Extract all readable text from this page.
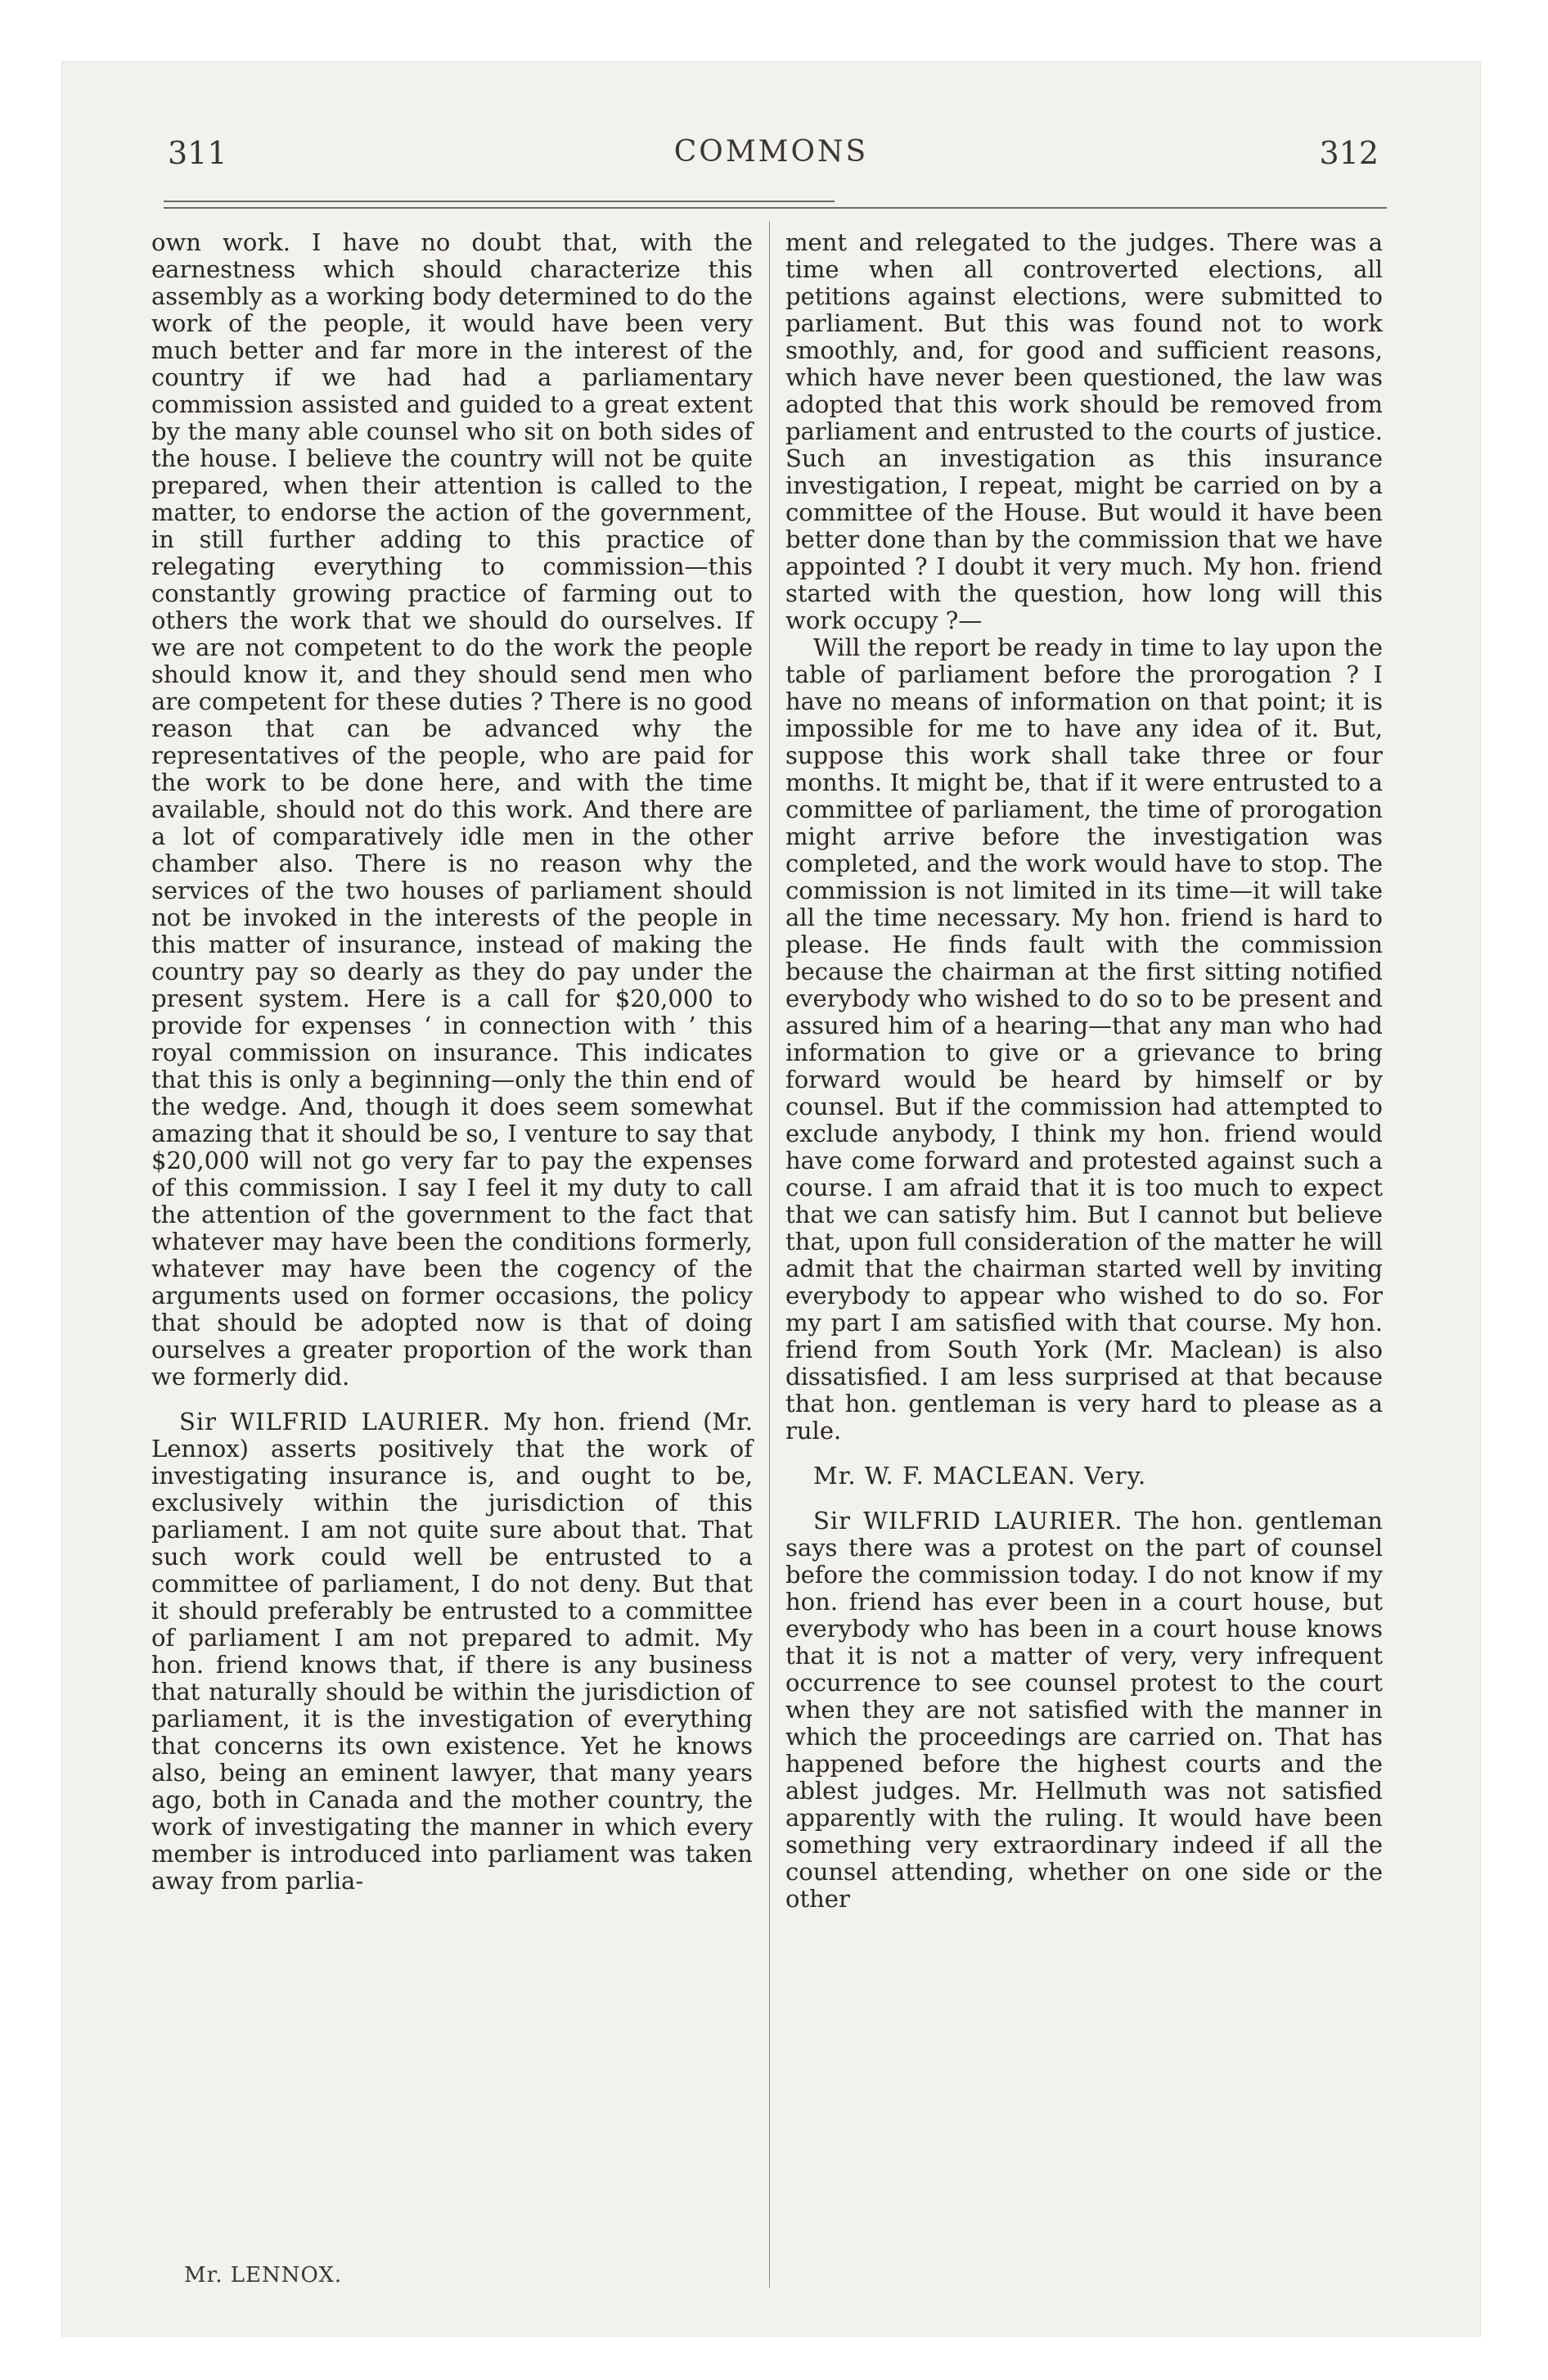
311	COMMONS	312

own work. I have no doubt that, with the earnestness which should characterize this assembly as a working body determined to do the work of the people, it would have been very much better and far more in the interest of the country if we had had a parliamentary commission assisted and guided to a great extent by the many able counsel who sit on both sides of the house. I believe the country will not be quite prepared, when their attention is called to the matter, to endorse the action of the government, in still further adding to this practice of relegating everything to commission—this constantly growing practice of farming out to others the work that we should do ourselves. If we are not competent to do the work the people should know it, and they should send men who are competent for these duties ? There is no good reason that can be advanced why the representatives of the people, who are paid for the work to be done here, and with the time available, should not do this work. And there are a lot of comparatively idle men in the other chamber also. There is no reason why the services of the two houses of parliament should not be invoked in the interests of the people in this matter of insurance, instead of making the country pay so dearly as they do pay under the present system. Here is a call for $20,000 to provide for expenses ‘ in connection with ’ this royal commission on insurance. This indicates that this is only a beginning—only the thin end of the wedge. And, though it does seem somewhat amazing that it should be so, I venture to say that $20,000 will not go very far to pay the expenses of this commission. I say I feel it my duty to call the attention of the government to the fact that whatever may have been the conditions formerly, whatever may have been the cogency of the arguments used on former occasions, the policy that should be adopted now is that of doing ourselves a greater proportion of the work than we formerly did.

Sir WILFRID LAURIER. My hon. friend (Mr. Lennox) asserts positively that the work of investigating insurance is, and ought to be, exclusively within the jurisdiction of this parliament. I am not quite sure about that. That such work could well be entrusted to a committee of parliament, I do not deny. But that it should preferably be entrusted to a committee of parliament I am not prepared to admit. My hon. friend knows that, if there is any business that naturally should be within the jurisdiction of parliament, it is the investigation of everything that concerns its own existence. Yet he knows also, being an eminent lawyer, that many years ago, both in Canada and the mother country, the work of investigating the manner in which every member is introduced into parliament was taken away from parlia-

ment and relegated to the judges. There was a time when all controverted elections, all petitions against elections, were submitted to parliament. But this was found not to work smoothly, and, for good and sufficient reasons, which have never been questioned, the law was adopted that this work should be removed from parliament and entrusted to the courts of justice. Such an investigation as this insurance investigation, I repeat, might be carried on by a committee of the House. But would it have been better done than by the commission that we have appointed ? I doubt it very much. My hon. friend started with the question, how long will this work occupy ?—

Will the report be ready in time to lay upon the table of parliament before the prorogation ? I have no means of information on that point; it is impossible for me to have any idea of it. But, suppose this work shall take three or four months. It might be, that if it were entrusted to a committee of parliament, the time of prorogation might arrive before the investigation was completed, and the work would have to stop. The commission is not limited in its time—it will take all the time necessary. My hon. friend is hard to please. He finds fault with the commission because the chairman at the first sitting notified everybody who wished to do so to be present and assured him of a hearing—that any man who had information to give or a grievance to bring forward would be heard by himself or by counsel. But if the commission had attempted to exclude anybody, I think my hon. friend would have come forward and protested against such a course. I am afraid that it is too much to expect that we can satisfy him. But I cannot but believe that, upon full consideration of the matter he will admit that the chairman started well by inviting everybody to appear who wished to do so. For my part I am satisfied with that course. My hon. friend from South York (Mr. Maclean) is also dissatisfied. I am less surprised at that because that hon. gentleman is very hard to please as a rule.

Mr. W. F. MACLEAN. Very.

Sir WILFRID LAURIER. The hon. gentleman says there was a protest on the part of counsel before the commission today. I do not know if my hon. friend has ever been in a court house, but everybody who has been in a court house knows that it is not a matter of very, very infrequent occurrence to see counsel protest to the court when they are not satisfied with the manner in which the proceedings are carried on. That has happened before the highest courts and the ablest judges. Mr. Hellmuth was not satisfied apparently with the ruling. It would have been something very extraordinary indeed if all the counsel attending, whether on one side or the other

Mr. LENNOX.
